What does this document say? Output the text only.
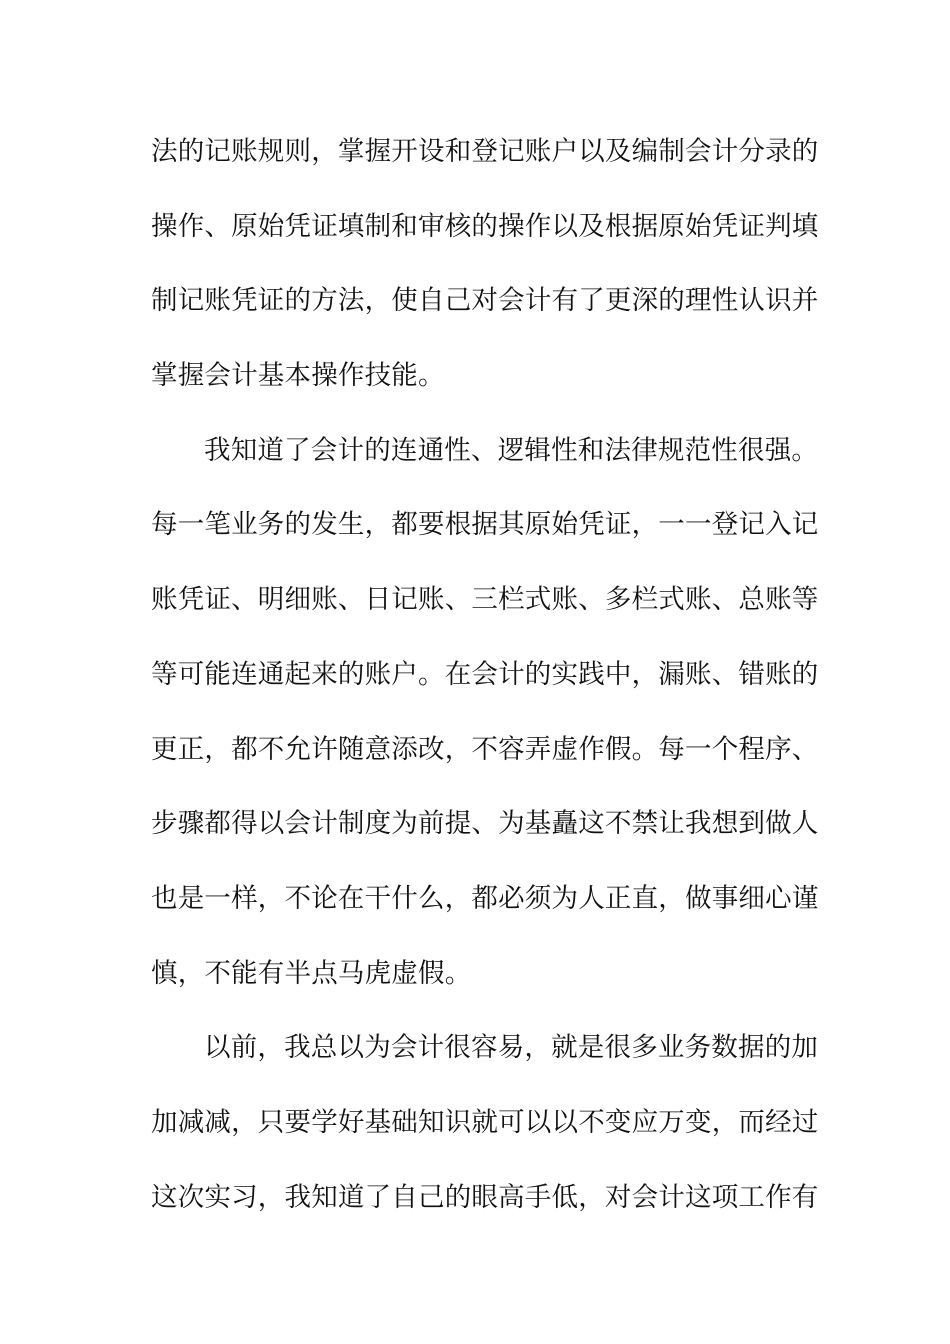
法的记账规则，掌握开设和登记账户以及编制会计分录的
操作、原始凭证填制和审核的操作以及根据原始凭证判填
制记账凭证的方法，使自己对会计有了更深的理性认识并
掌握会计基本操作技能。
我知道了会计的连通性、逻辑性和法律规范性很强。
每一笔业务的发生，都要根据其原始凭证，一一登记入记
账凭证、明细账、日记账、三栏式账、多栏式账、总账等
等可能连通起来的账户。在会计的实践中，漏账、错账的
更正，都不允许随意添改，不容弄虚作假。每一个程序、
步骤都得以会计制度为前提、为基矗这不禁让我想到做人
也是一样，不论在干什么，都必须为人正直，做事细心谨
慎，不能有半点马虎虚假。
以前，我总以为会计很容易，就是很多业务数据的加
加减减，只要学好基础知识就可以以不变应万变，而经过
这次实习，我知道了自己的眼高手低，对会计这项工作有
